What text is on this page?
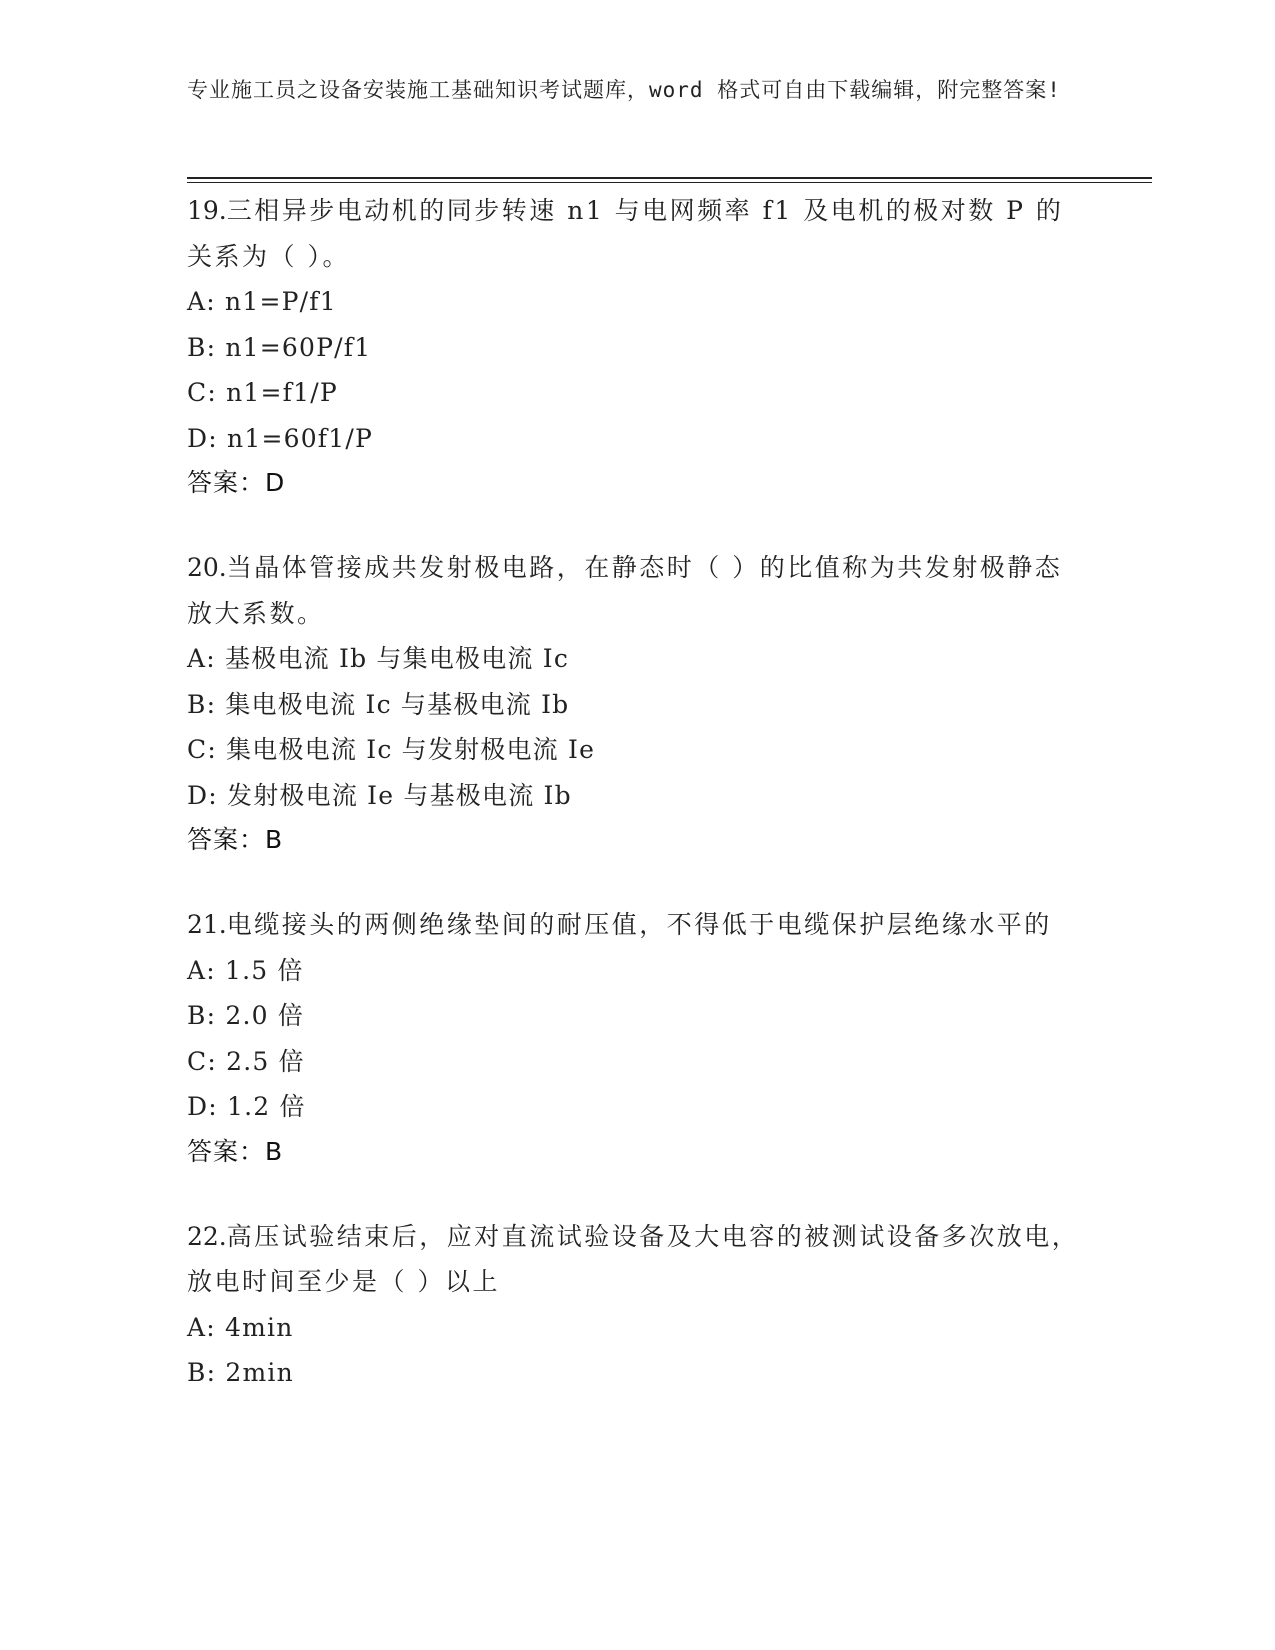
专业施工员之设备安装施工基础知识考试题库，word 格式可自由下载编辑，附完整答案!
19.三相异步电动机的同步转速 n1 与电网频率 f1 及电机的极对数 P 的关系为（ ）。
A: n1=P/f1
B: n1=60P/f1
C: n1=f1/P
D: n1=60f1/P
答案：D
20.当晶体管接成共发射极电路，在静态时（ ）的比值称为共发射极静态放大系数。
A: 基极电流 Ib 与集电极电流 Ic
B: 集电极电流 Ic 与基极电流 Ib
C: 集电极电流 Ic 与发射极电流 Ie
D: 发射极电流 Ie 与基极电流 Ib
答案：B
21.电缆接头的两侧绝缘垫间的耐压值，不得低于电缆保护层绝缘水平的
A: 1.5 倍
B: 2.0 倍
C: 2.5 倍
D: 1.2 倍
答案：B
22.高压试验结束后，应对直流试验设备及大电容的被测试设备多次放电，放电时间至少是（ ）以上
A: 4min
B: 2min
